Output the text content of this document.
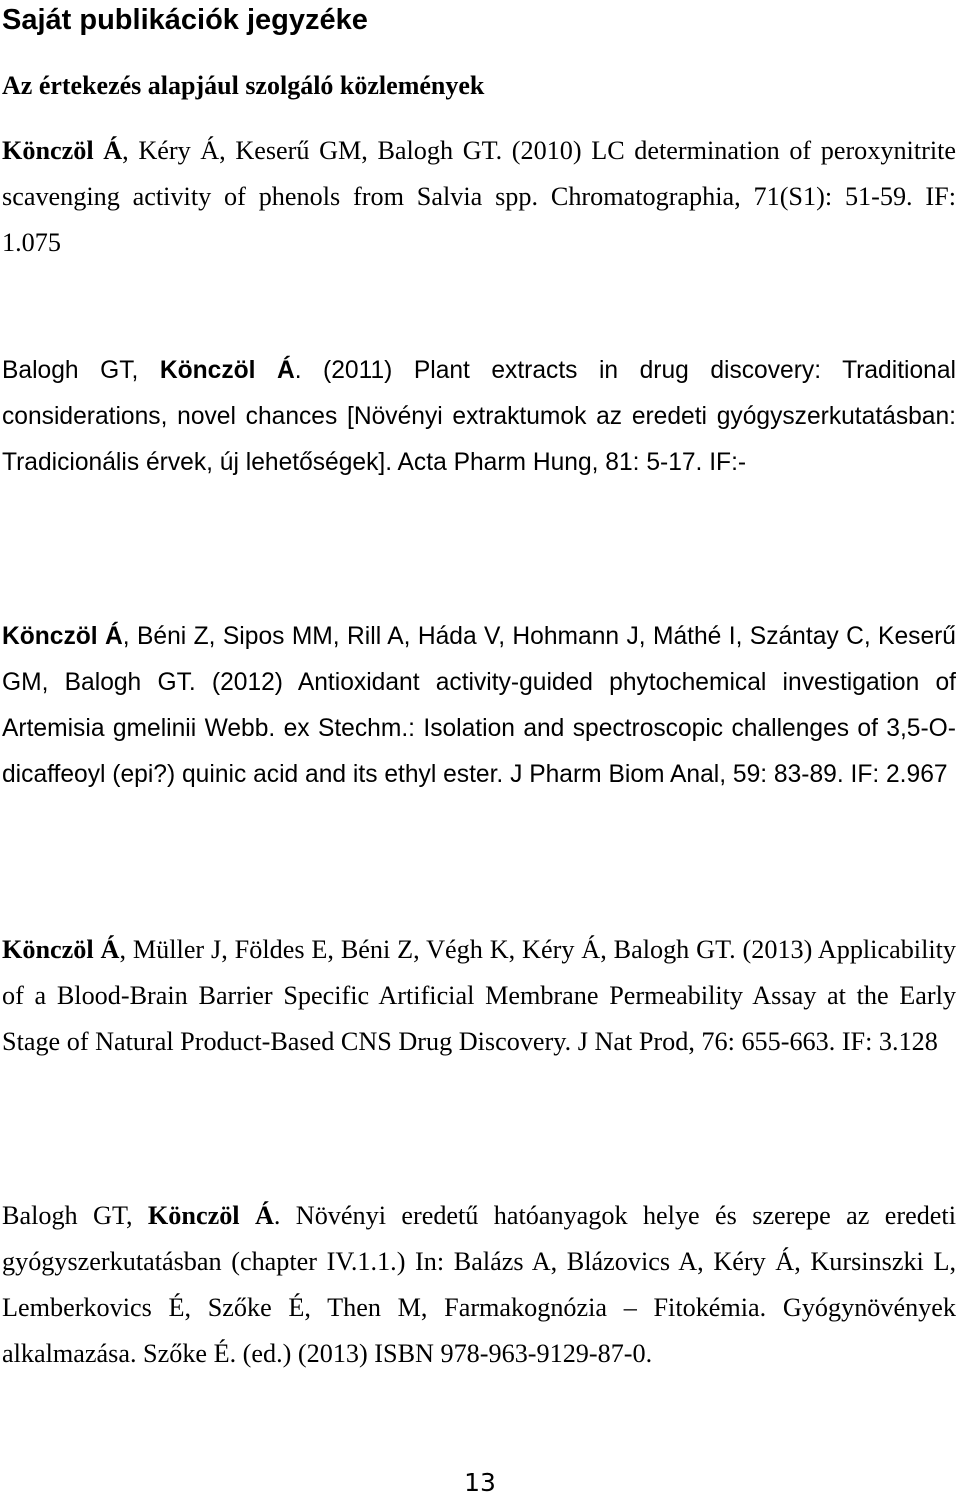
Saját publikációk jegyzéke
Az értekezés alapjául szolgáló közlemények

Könczöl Á, Kéry Á, Keserű GM, Balogh GT. (2010) LC determination of peroxynitrite scavenging activity of phenols from Salvia spp. Chromatographia, 71(S1): 51-59. IF: 1.075

Balogh GT, Könczöl Á. (2011) Plant extracts in drug discovery: Traditional considerations, novel chances [Növényi extraktumok az eredeti gyógyszerkutatásban: Tradicionális érvek, új lehetőségek]. Acta Pharm Hung, 81: 5-17. IF:-

Könczöl Á, Béni Z, Sipos MM, Rill A, Háda V, Hohmann J, Máthé I, Szántay C, Keserű GM, Balogh GT. (2012) Antioxidant activity-guided phytochemical investigation of Artemisia gmelinii Webb. ex Stechm.: Isolation and spectroscopic challenges of 3,5-O-dicaffeoyl (epi?) quinic acid and its ethyl ester. J Pharm Biom Anal, 59: 83-89. IF: 2.967

Könczöl Á, Müller J, Földes E, Béni Z, Végh K, Kéry Á, Balogh GT. (2013) Applicability of a Blood-Brain Barrier Specific Artificial Membrane Permeability Assay at the Early Stage of Natural Product-Based CNS Drug Discovery. J Nat Prod, 76: 655-663. IF: 3.128

Balogh GT, Könczöl Á. Növényi eredetű hatóanyagok helye és szerepe az eredeti gyógyszerkutatásban (chapter IV.1.1.) In: Balázs A, Blázovics A, Kéry Á, Kursinszki L, Lemberkovics É, Szőke É, Then M, Farmakognózia – Fitokémia. Gyógynövények alkalmazása. Szőke É. (ed.) (2013) ISBN 978-963-9129-87-0.

13
